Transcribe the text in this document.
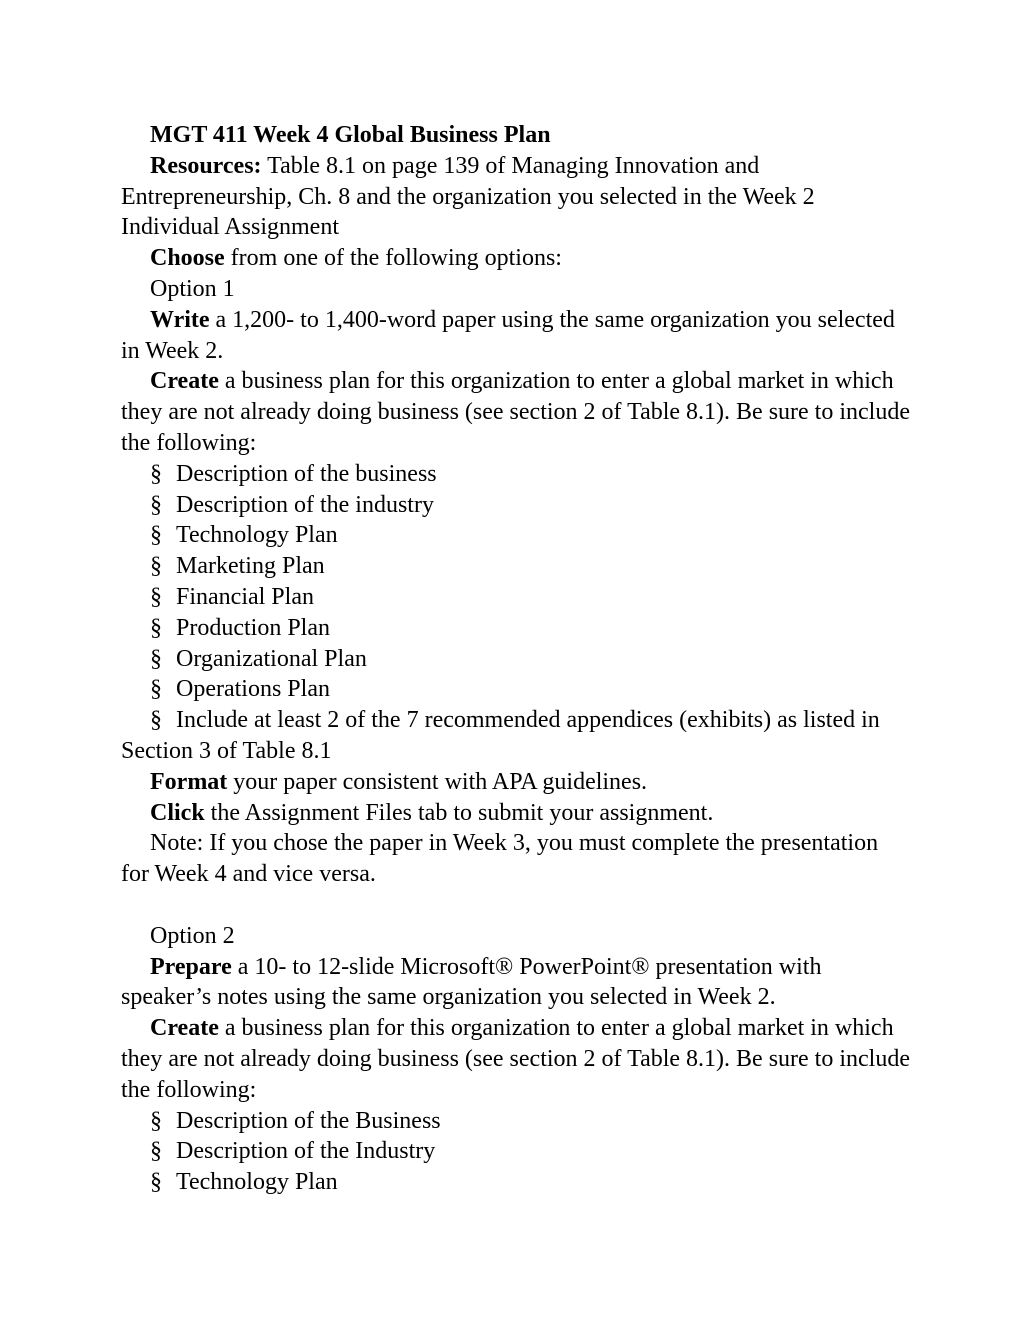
MGT 411 Week 4 Global Business Plan

Resources: Table 8.1 on page 139 of Managing Innovation and Entrepreneurship, Ch. 8 and the organization you selected in the Week 2 Individual Assignment

Choose from one of the following options:

Option 1

Write a 1,200- to 1,400-word paper using the same organization you selected in Week 2.

Create a business plan for this organization to enter a global market in which they are not already doing business (see section 2 of Table 8.1). Be sure to include the following:

§ Description of the business

§ Description of the industry

§ Technology Plan

§ Marketing Plan

§ Financial Plan

§ Production Plan

§ Organizational Plan

§ Operations Plan

§ Include at least 2 of the 7 recommended appendices (exhibits) as listed in Section 3 of Table 8.1

Format your paper consistent with APA guidelines.

Click the Assignment Files tab to submit your assignment.

Note: If you chose the paper in Week 3, you must complete the presentation for Week 4 and vice versa.

Option 2

Prepare a 10- to 12-slide Microsoft® PowerPoint® presentation with speaker’s notes using the same organization you selected in Week 2.

Create a business plan for this organization to enter a global market in which they are not already doing business (see section 2 of Table 8.1). Be sure to include the following:

§ Description of the Business

§ Description of the Industry

§ Technology Plan
